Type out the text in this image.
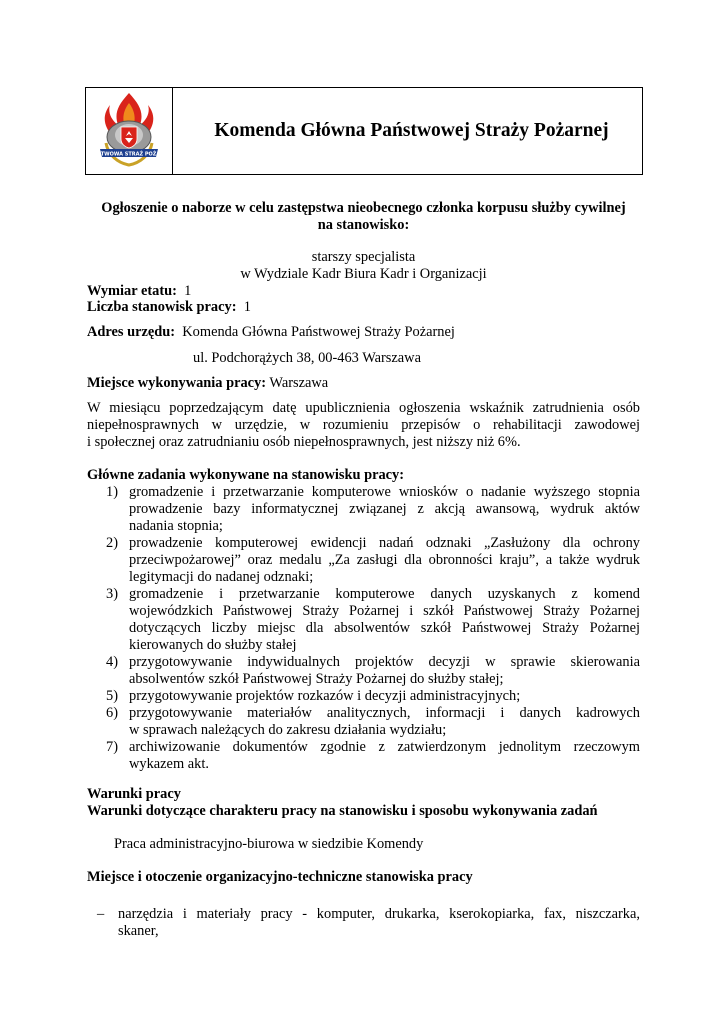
PAŃSTWOWA STRAŻ POŻARNA
Komenda Główna Państwowej Straży Pożarnej
Ogłoszenie o naborze w celu zastępstwa nieobecnego członka korpusu służby cywilnej
na stanowisko:
starszy specjalista
w Wydziale Kadr Biura Kadr i Organizacji
Wymiar etatu: 1
Liczba stanowisk pracy: 1
Adres urzędu: Komenda Główna Państwowej Straży Pożarnej
ul. Podchorążych 38, 00-463 Warszawa
Miejsce wykonywania pracy: Warszawa
W miesiącu poprzedzającym datę upublicznienia ogłoszenia wskaźnik zatrudnienia osób
niepełnosprawnych w urzędzie, w rozumieniu przepisów o rehabilitacji zawodowej
i społecznej oraz zatrudnianiu osób niepełnosprawnych, jest niższy niż 6%.
Główne zadania wykonywane na stanowisku pracy:
1) gromadzenie i przetwarzanie komputerowe wniosków o nadanie wyższego stopnia
prowadzenie bazy informatycznej związanej z akcją awansową, wydruk aktów
nadania stopnia;
2) prowadzenie komputerowej ewidencji nadań odznaki „Zasłużony dla ochrony
przeciwpożarowej” oraz medalu „Za zasługi dla obronności kraju”, a także wydruk
legitymacji do nadanej odznaki;
3) gromadzenie i przetwarzanie komputerowe danych uzyskanych z komend
wojewódzkich Państwowej Straży Pożarnej i szkół Państwowej Straży Pożarnej
dotyczących liczby miejsc dla absolwentów szkół Państwowej Straży Pożarnej
kierowanych do służby stałej
4) przygotowywanie indywidualnych projektów decyzji w sprawie skierowania
absolwentów szkół Państwowej Straży Pożarnej do służby stałej;
5) przygotowywanie projektów rozkazów i decyzji administracyjnych;
6) przygotowywanie materiałów analitycznych, informacji i danych kadrowych
w sprawach należących do zakresu działania wydziału;
7) archiwizowanie dokumentów zgodnie z zatwierdzonym jednolitym rzeczowym
wykazem akt.
Warunki pracy
Warunki dotyczące charakteru pracy na stanowisku i sposobu wykonywania zadań
Praca administracyjno-biurowa w siedzibie Komendy
Miejsce i otoczenie organizacyjno-techniczne stanowiska pracy
– narzędzia i materiały pracy - komputer, drukarka, kserokopiarka, fax, niszczarka,
skaner,
